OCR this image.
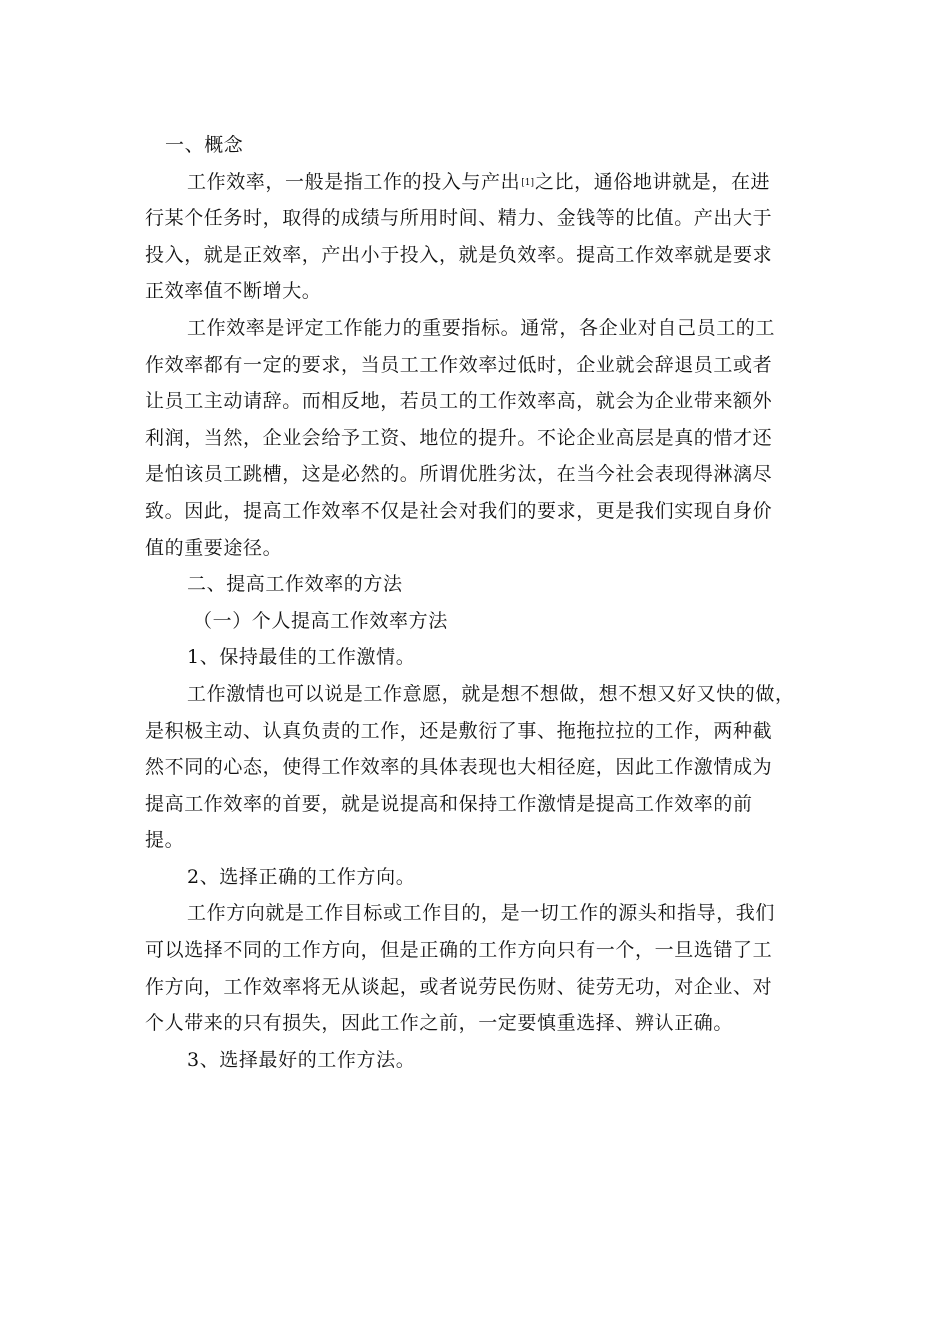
一、概念
工作效率，一般是指工作的投入与产出[1]之比，通俗地讲就是，在进
行某个任务时，取得的成绩与所用时间、精力、金钱等的比值。产出大于
投入，就是正效率，产出小于投入，就是负效率。提高工作效率就是要求
正效率值不断增大。
工作效率是评定工作能力的重要指标。通常，各企业对自己员工的工
作效率都有一定的要求，当员工工作效率过低时，企业就会辞退员工或者
让员工主动请辞。而相反地，若员工的工作效率高，就会为企业带来额外
利润，当然，企业会给予工资、地位的提升。不论企业高层是真的惜才还
是怕该员工跳槽，这是必然的。所谓优胜劣汰，在当今社会表现得淋漓尽
致。因此，提高工作效率不仅是社会对我们的要求，更是我们实现自身价
值的重要途径。
二、提高工作效率的方法
（一）个人提高工作效率方法
1、保持最佳的工作激情。
工作激情也可以说是工作意愿，就是想不想做，想不想又好又快的做，
是积极主动、认真负责的工作，还是敷衍了事、拖拖拉拉的工作，两种截
然不同的心态，使得工作效率的具体表现也大相径庭，因此工作激情成为
提高工作效率的首要，就是说提高和保持工作激情是提高工作效率的前
提。
2、选择正确的工作方向。
工作方向就是工作目标或工作目的，是一切工作的源头和指导，我们
可以选择不同的工作方向，但是正确的工作方向只有一个，一旦选错了工
作方向，工作效率将无从谈起，或者说劳民伤财、徒劳无功，对企业、对
个人带来的只有损失，因此工作之前，一定要慎重选择、辨认正确。
3、选择最好的工作方法。
